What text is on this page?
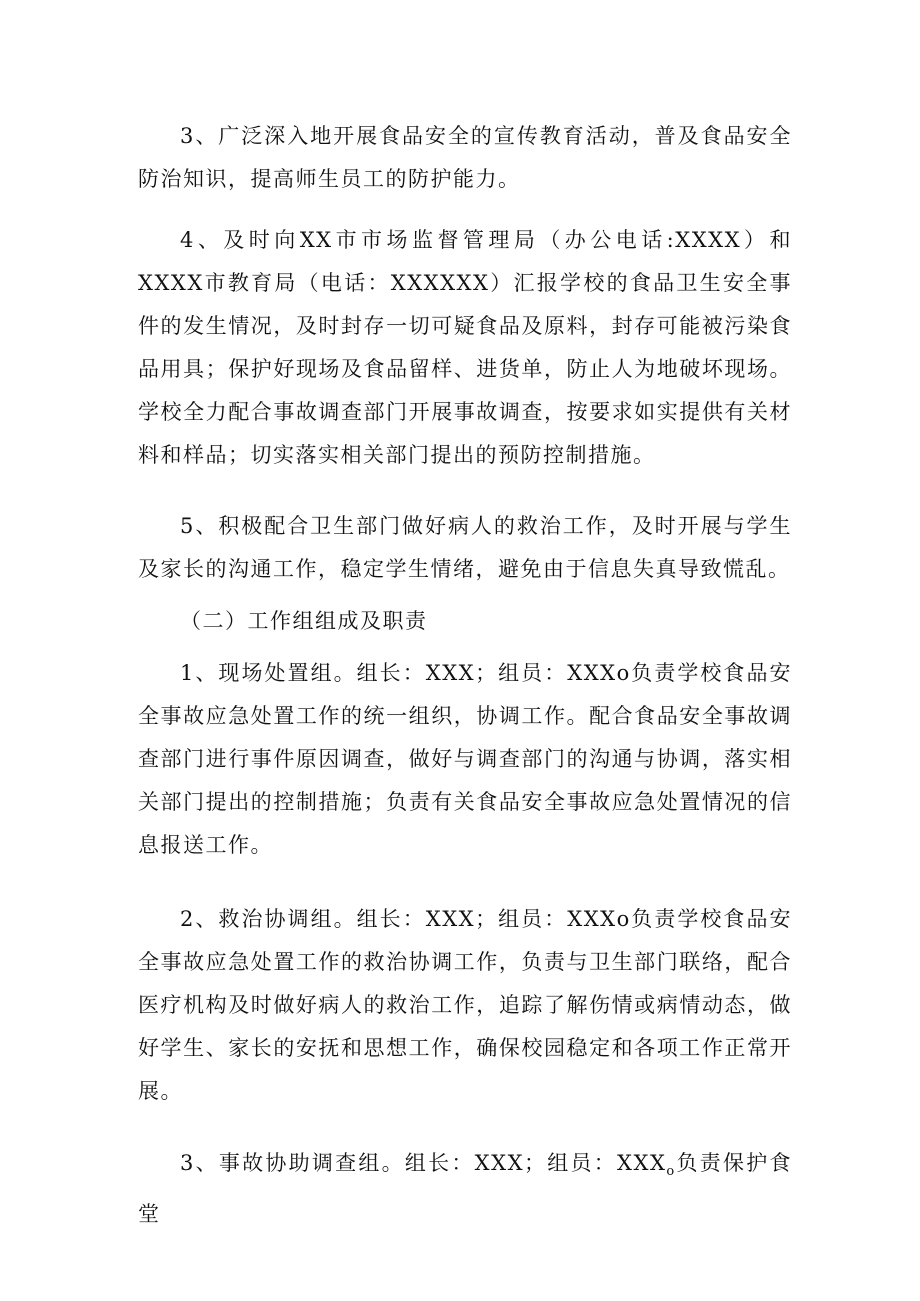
3、广泛深入地开展食品安全的宣传教育活动，普及食品安全防治知识，提高师生员工的防护能力。

4、及时向XX市市场监督管理局（办公电话:XXXX）和XXXX市教育局（电话：XXXXXX）汇报学校的食品卫生安全事件的发生情况，及时封存一切可疑食品及原料，封存可能被污染食品用具；保护好现场及食品留样、进货单，防止人为地破坏现场。学校全力配合事故调查部门开展事故调查，按要求如实提供有关材料和样品；切实落实相关部门提出的预防控制措施。

5、积极配合卫生部门做好病人的救治工作，及时开展与学生及家长的沟通工作，稳定学生情绪，避免由于信息失真导致慌乱。

（二）工作组组成及职责

1、现场处置组。组长：XXX；组员：XXXo负责学校食品安全事故应急处置工作的统一组织，协调工作。配合食品安全事故调查部门进行事件原因调查，做好与调查部门的沟通与协调，落实相关部门提出的控制措施；负责有关食品安全事故应急处置情况的信息报送工作。

2、救治协调组。组长：XXX；组员：XXXo负责学校食品安全事故应急处置工作的救治协调工作，负责与卫生部门联络，配合医疗机构及时做好病人的救治工作，追踪了解伤情或病情动态，做好学生、家长的安抚和思想工作，确保校园稳定和各项工作正常开展。

3、事故协助调查组。组长：XXX；组员：$XXX_o$负责保护食堂
